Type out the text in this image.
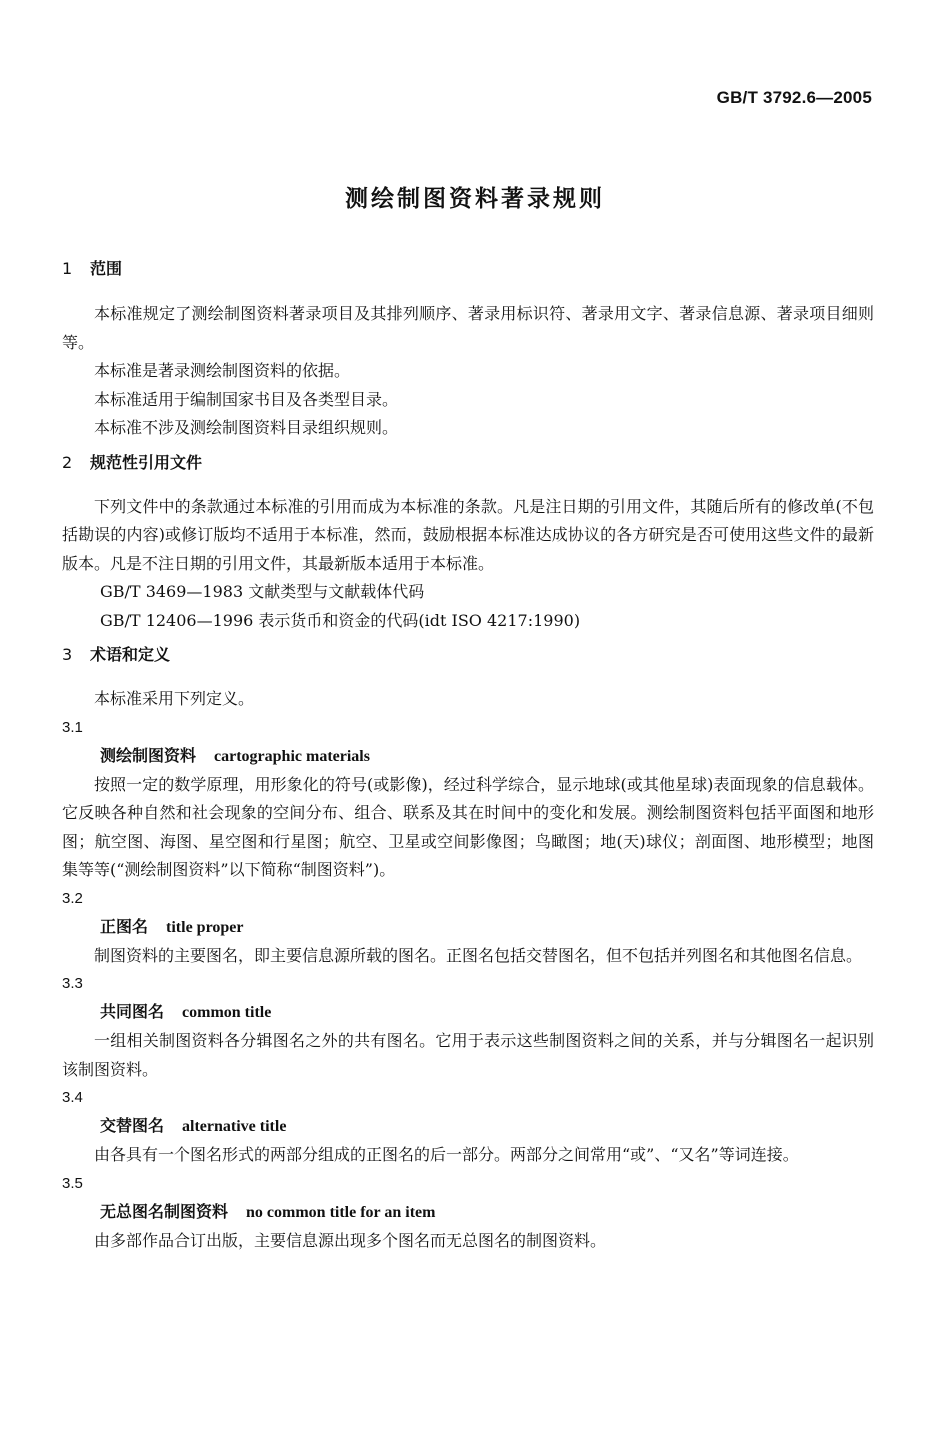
GB/T 3792.6—2005
测绘制图资料著录规则
1 范围

本标准规定了测绘制图资料著录项目及其排列顺序、著录用标识符、著录用文字、著录信息源、著录项目细则等。

本标准是著录测绘制图资料的依据。

本标准适用于编制国家书目及各类型目录。

本标准不涉及测绘制图资料目录组织规则。

2 规范性引用文件

下列文件中的条款通过本标准的引用而成为本标准的条款。凡是注日期的引用文件，其随后所有的修改单(不包括勘误的内容)或修订版均不适用于本标准，然而，鼓励根据本标准达成协议的各方研究是否可使用这些文件的最新版本。凡是不注日期的引用文件，其最新版本适用于本标准。

GB/T 3469—1983 文献类型与文献载体代码

GB/T 12406—1996 表示货币和资金的代码(idt ISO 4217:1990)

3 术语和定义

本标准采用下列定义。

3.1
测绘制图资料 cartographic materials

按照一定的数学原理，用形象化的符号(或影像)，经过科学综合，显示地球(或其他星球)表面现象的信息载体。它反映各种自然和社会现象的空间分布、组合、联系及其在时间中的变化和发展。测绘制图资料包括平面图和地形图；航空图、海图、星空图和行星图；航空、卫星或空间影像图；鸟瞰图；地(天)球仪；剖面图、地形模型；地图集等等(“测绘制图资料”以下简称“制图资料”)。

3.2
正图名 title proper

制图资料的主要图名，即主要信息源所载的图名。正图名包括交替图名，但不包括并列图名和其他图名信息。

3.3
共同图名 common title

一组相关制图资料各分辑图名之外的共有图名。它用于表示这些制图资料之间的关系，并与分辑图名一起识别该制图资料。

3.4
交替图名 alternative title

由各具有一个图名形式的两部分组成的正图名的后一部分。两部分之间常用“或”、“又名”等词连接。

3.5
无总图名制图资料 no common title for an item

由多部作品合订出版，主要信息源出现多个图名而无总图名的制图资料。
